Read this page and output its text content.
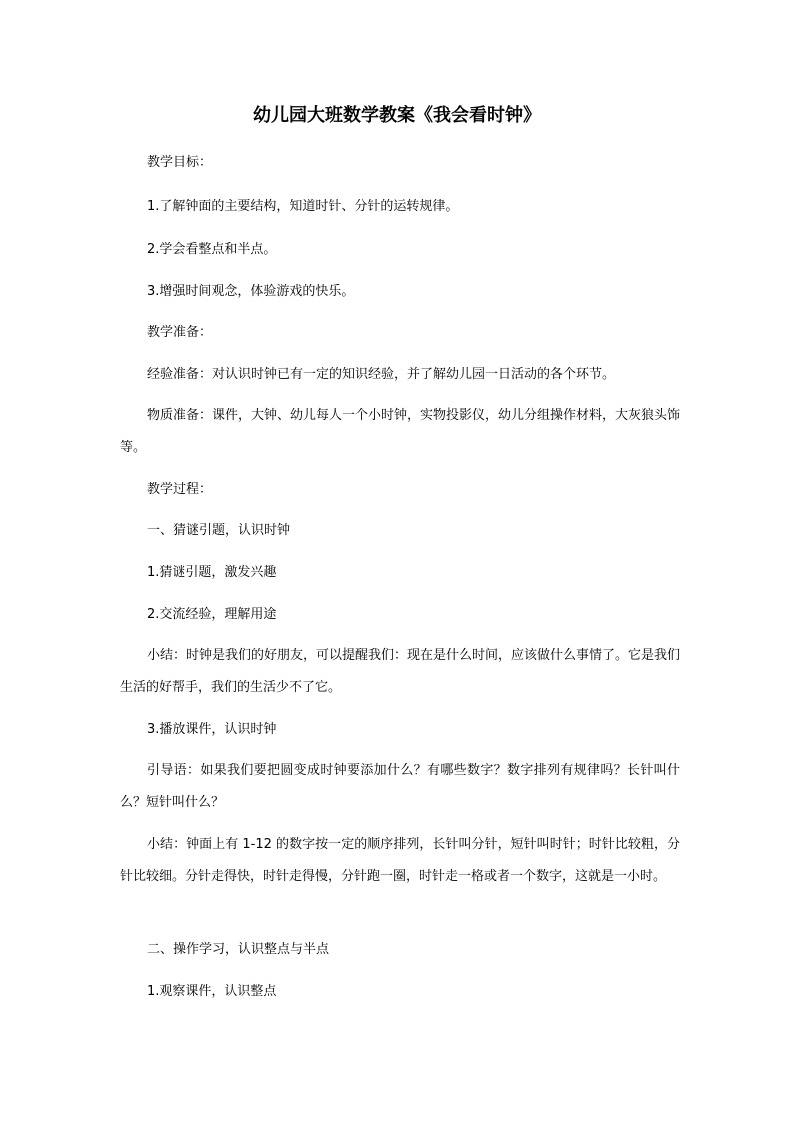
幼儿园大班数学教案《我会看时钟》
教学目标：
1.了解钟面的主要结构，知道时针、分针的运转规律。
2.学会看整点和半点。
3.增强时间观念，体验游戏的快乐。
教学准备：
经验准备：对认识时钟已有一定的知识经验，并了解幼儿园一日活动的各个环节。
物质准备：课件，大钟、幼儿每人一个小时钟，实物投影仪，幼儿分组操作材料，大灰狼头饰等。
教学过程：
一、猜谜引题，认识时钟
1.猜谜引题，激发兴趣
2.交流经验，理解用途
小结：时钟是我们的好朋友，可以提醒我们：现在是什么时间，应该做什么事情了。它是我们生活的好帮手，我们的生活少不了它。
3.播放课件，认识时钟
引导语：如果我们要把圆变成时钟要添加什么？有哪些数字？数字排列有规律吗？长针叫什么？短针叫什么？
小结：钟面上有 1-12 的数字按一定的顺序排列，长针叫分针，短针叫时针；时针比较粗，分针比较细。分针走得快，时针走得慢，分针跑一圈，时针走一格或者一个数字，这就是一小时。
二、操作学习，认识整点与半点
1.观察课件，认识整点
